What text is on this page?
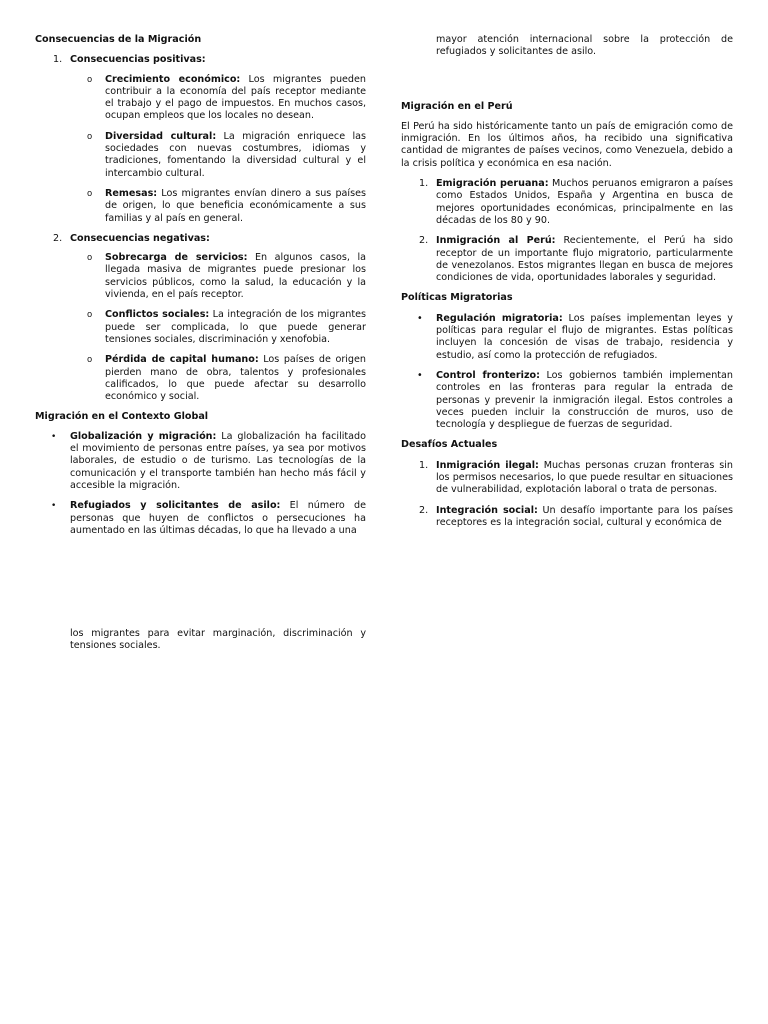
Consecuencias de la Migración
1. Consecuencias positivas:
o Crecimiento económico: Los migrantes pueden contribuir a la economía del país receptor mediante el trabajo y el pago de impuestos. En muchos casos, ocupan empleos que los locales no desean.
o Diversidad cultural: La migración enriquece las sociedades con nuevas costumbres, idiomas y tradiciones, fomentando la diversidad cultural y el intercambio cultural.
o Remesas: Los migrantes envían dinero a sus países de origen, lo que beneficia económicamente a sus familias y al país en general.
2. Consecuencias negativas:
o Sobrecarga de servicios: En algunos casos, la llegada masiva de migrantes puede presionar los servicios públicos, como la salud, la educación y la vivienda, en el país receptor.
o Conflictos sociales: La integración de los migrantes puede ser complicada, lo que puede generar tensiones sociales, discriminación y xenofobia.
o Pérdida de capital humano: Los países de origen pierden mano de obra, talentos y profesionales calificados, lo que puede afectar su desarrollo económico y social.
Migración en el Contexto Global
• Globalización y migración: La globalización ha facilitado el movimiento de personas entre países, ya sea por motivos laborales, de estudio o de turismo. Las tecnologías de la comunicación y el transporte también han hecho más fácil y accesible la migración.
• Refugiados y solicitantes de asilo: El número de personas que huyen de conflictos o persecuciones ha aumentado en las últimas décadas, lo que ha llevado a una

los migrantes para evitar marginación, discriminación y tensiones sociales.

mayor atención internacional sobre la protección de refugiados y solicitantes de asilo.

Migración en el Perú

El Perú ha sido históricamente tanto un país de emigración como de inmigración. En los últimos años, ha recibido una significativa cantidad de migrantes de países vecinos, como Venezuela, debido a la crisis política y económica en esa nación.

1. Emigración peruana: Muchos peruanos emigraron a países como Estados Unidos, España y Argentina en busca de mejores oportunidades económicas, principalmente en las décadas de los 80 y 90.
2. Inmigración al Perú: Recientemente, el Perú ha sido receptor de un importante flujo migratorio, particularmente de venezolanos. Estos migrantes llegan en busca de mejores condiciones de vida, oportunidades laborales y seguridad.
Políticas Migratorias
• Regulación migratoria: Los países implementan leyes y políticas para regular el flujo de migrantes. Estas políticas incluyen la concesión de visas de trabajo, residencia y estudio, así como la protección de refugiados.
• Control fronterizo: Los gobiernos también implementan controles en las fronteras para regular la entrada de personas y prevenir la inmigración ilegal. Estos controles a veces pueden incluir la construcción de muros, uso de tecnología y despliegue de fuerzas de seguridad.
Desafíos Actuales
1. Inmigración ilegal: Muchas personas cruzan fronteras sin los permisos necesarios, lo que puede resultar en situaciones de vulnerabilidad, explotación laboral o trata de personas.
2. Integración social: Un desafío importante para los países receptores es la integración social, cultural y económica de
